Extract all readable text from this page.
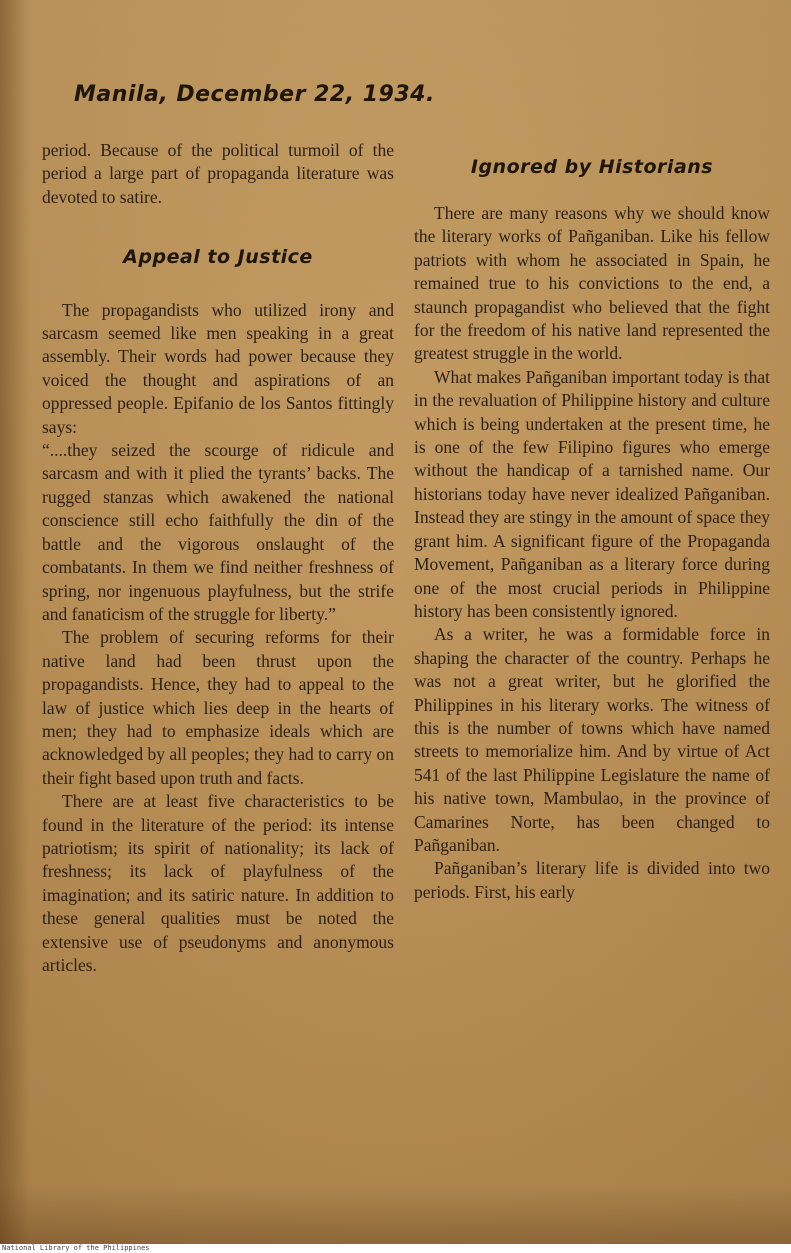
Manila, December 22, 1934.

period. Because of the political turmoil of the period a large part of propaganda literature was devoted to satire.

Appeal to Justice

The propagandists who utilized irony and sarcasm seemed like men speaking in a great assembly. Their words had power because they voiced the thought and aspirations of an oppressed people. Epifanio de los Santos fittingly says:

“....they seized the scourge of ridicule and sarcasm and with it plied the tyrants’ backs. The rugged stanzas which awakened the national conscience still echo faithfully the din of the battle and the vigorous onslaught of the combatants. In them we find neither freshness of spring, nor ingenuous playfulness, but the strife and fanaticism of the struggle for liberty.”

The problem of securing reforms for their native land had been thrust upon the propagandists. Hence, they had to appeal to the law of justice which lies deep in the hearts of men; they had to emphasize ideals which are acknowledged by all peoples; they had to carry on their fight based upon truth and facts.

There are at least five characteristics to be found in the literature of the period: its intense patriotism; its spirit of nationality; its lack of freshness; its lack of playfulness of the imagination; and its satiric nature. In addition to these general qualities must be noted the extensive use of pseudonyms and anonymous articles.

Ignored by Historians

There are many reasons why we should know the literary works of Pañganiban. Like his fellow patriots with whom he associated in Spain, he remained true to his convictions to the end, a staunch propagandist who believed that the fight for the freedom of his native land represented the greatest struggle in the world.

What makes Pañganiban important today is that in the revaluation of Philippine history and culture which is being undertaken at the present time, he is one of the few Filipino figures who emerge without the handicap of a tarnished name. Our historians today have never idealized Pañganiban. Instead they are stingy in the amount of space they grant him. A significant figure of the Propaganda Movement, Pañganiban as a literary force during one of the most crucial periods in Philippine history has been consistently ignored.

As a writer, he was a formidable force in shaping the character of the country. Perhaps he was not a great writer, but he glorified the Philippines in his literary works. The witness of this is the number of towns which have named streets to memorialize him. And by virtue of Act 541 of the last Philippine Legislature the name of his native town, Mambulao, in the province of Camarines Norte, has been changed to Pañganiban.

Pañganiban’s literary life is divided into two periods. First, his early

National Library of the Philippines
